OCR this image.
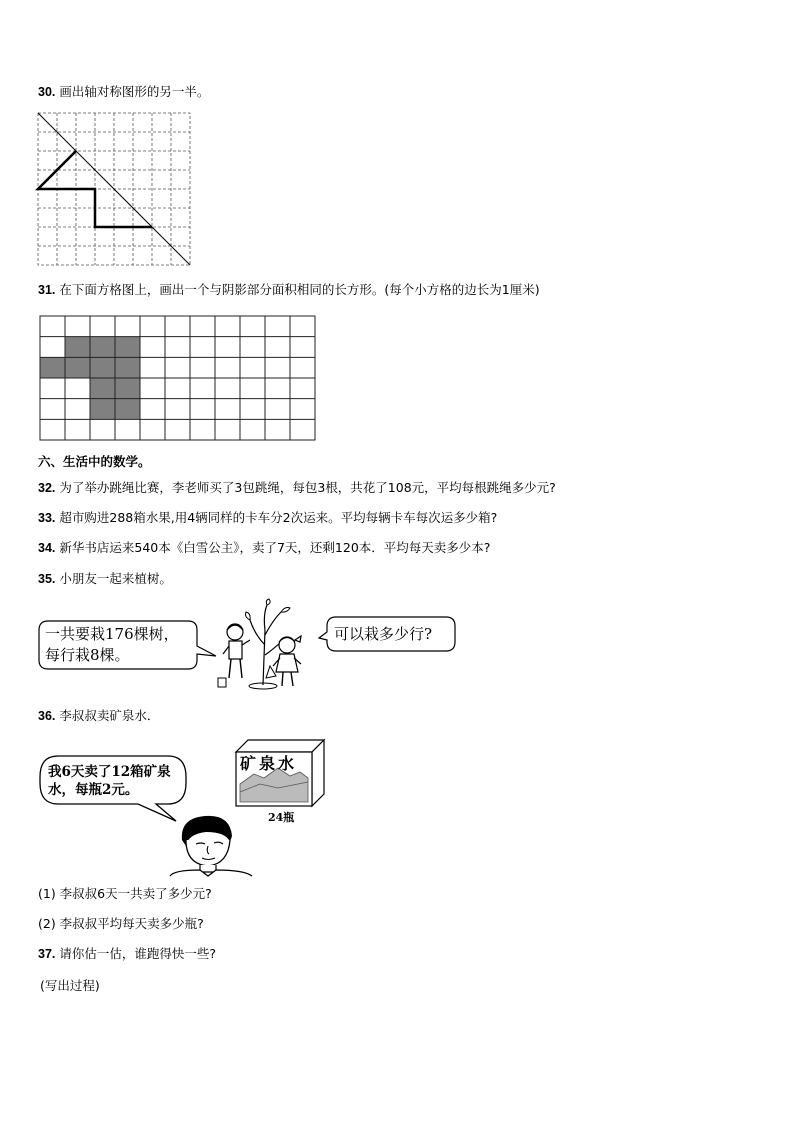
30. 画出轴对称图形的另一半。
31. 在下面方格图上，画出一个与阴影部分面积相同的长方形。(每个小方格的边长为1厘米)
六、生活中的数学。
32. 为了举办跳绳比赛，李老师买了3包跳绳，每包3根，共花了108元，平均每根跳绳多少元?
33. 超市购进288箱水果,用4辆同样的卡车分2次运来。平均每辆卡车每次运多少箱?
34. 新华书店运来540本《白雪公主》，卖了7天，还剩120本．平均每天卖多少本?
35. 小朋友一起来植树。
一共要栽176棵树，
每行栽8棵。
可以栽多少行?
36. 李叔叔卖矿泉水．
我6天卖了12箱矿泉
水，每瓶2元。
矿泉水
24瓶
(1) 李叔叔6天一共卖了多少元?
(2) 李叔叔平均每天卖多少瓶?
37. 请你估一估，谁跑得快一些?
(写出过程)
